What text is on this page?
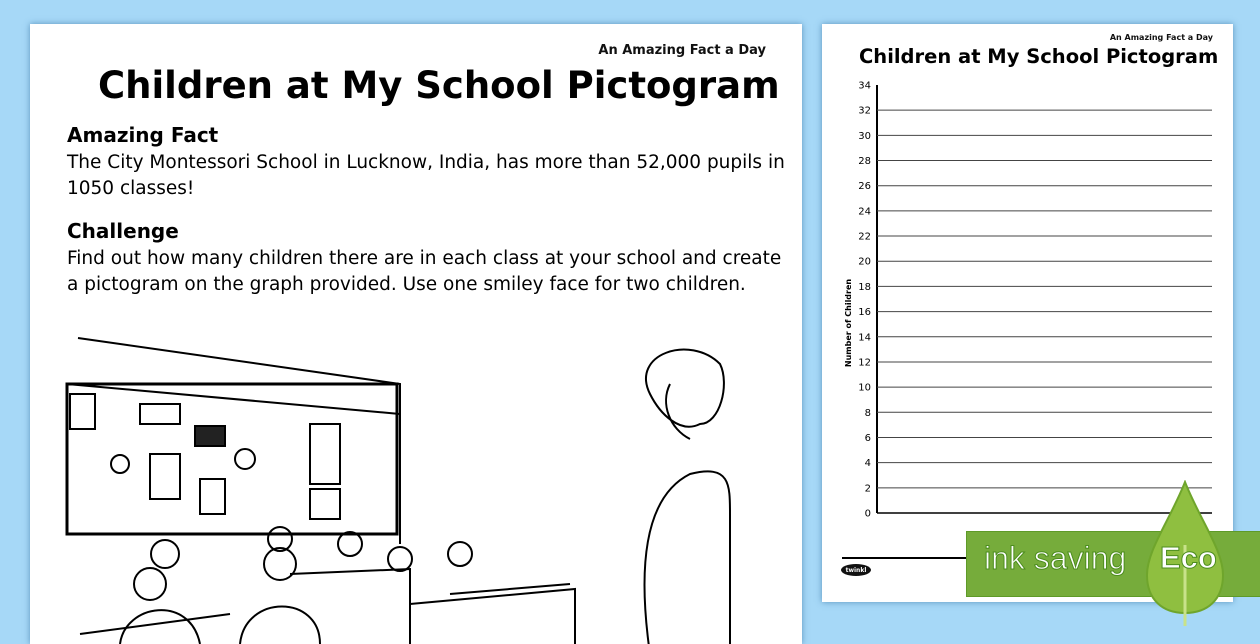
An Amazing Fact a Day
Children at My School Pictogram
Amazing Fact
The City Montessori School in Lucknow, India, has more than 52,000 pupils in 1050 classes!
Challenge
Find out how many children there are in each class at your school and create a pictogram on the graph provided. Use one smiley face for two children.
An Amazing Fact a Day
Children at My School Pictogram
0
2
4
6
8
10
12
14
16
18
20
22
24
26
28
30
32
34
Number of Children
twinkl	ink saving Eco
